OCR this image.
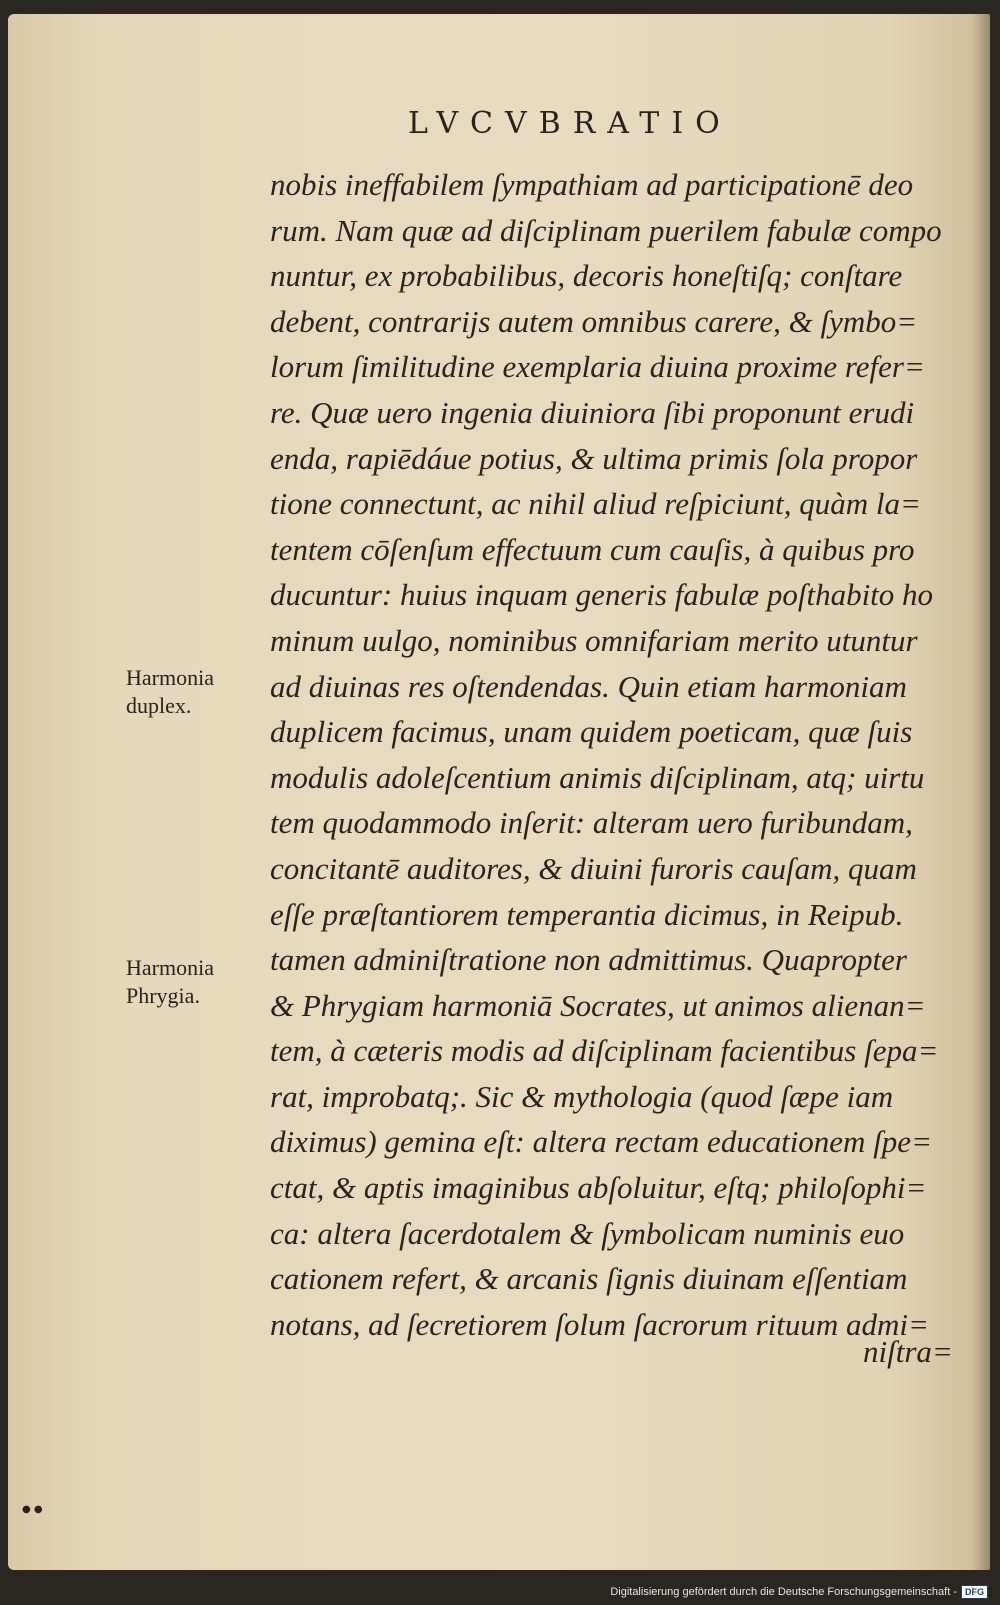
LVCVBRATIO
Harmonia
duplex.
Harmonia
Phrygia.
nobis ineffabilem ſympathiam ad participationē deo
rum. Nam quæ ad diſciplinam puerilem fabulæ compo
nuntur, ex probabilibus, decoris honeſtiſq; conſtare
debent, contrarijs autem omnibus carere, & ſymbo=
lorum ſimilitudine exemplaria diuina proxime refer=
re. Quæ uero ingenia diuiniora ſibi proponunt erudi
enda, rapiēdáue potius, & ultima primis ſola propor
tione connectunt, ac nihil aliud reſpiciunt, quàm la=
tentem cōſenſum effectuum cum cauſis, à quibus pro
ducuntur: huius inquam generis fabulæ poſthabito ho
minum uulgo, nominibus omnifariam merito utuntur
ad diuinas res oſtendendas. Quin etiam harmoniam
duplicem facimus, unam quidem poeticam, quæ ſuis
modulis adoleſcentium animis diſciplinam, atq; uirtu
tem quodammodo inſerit: alteram uero furibundam,
concitantē auditores, & diuini furoris cauſam, quam
eſſe præſtantiorem temperantia dicimus, in Reipub.
tamen adminiſtratione non admittimus. Quapropter
& Phrygiam harmoniā Socrates, ut animos alienan=
tem, à cæteris modis ad diſciplinam facientibus ſepa=
rat, improbatq;. Sic & mythologia (quod ſæpe iam
diximus) gemina eſt: altera rectam educationem ſpe=
ctat, & aptis imaginibus abſoluitur, eſtq; philoſophi=
ca: altera ſacerdotalem & ſymbolicam numinis euo
cationem refert, & arcanis ſignis diuinam eſſentiam
notans, ad ſecretiorem ſolum ſacrorum rituum admi=
niſtra=
● ●
Digitalisierung gefördert durch die Deutsche Forschungsgemeinschaft - DFG
